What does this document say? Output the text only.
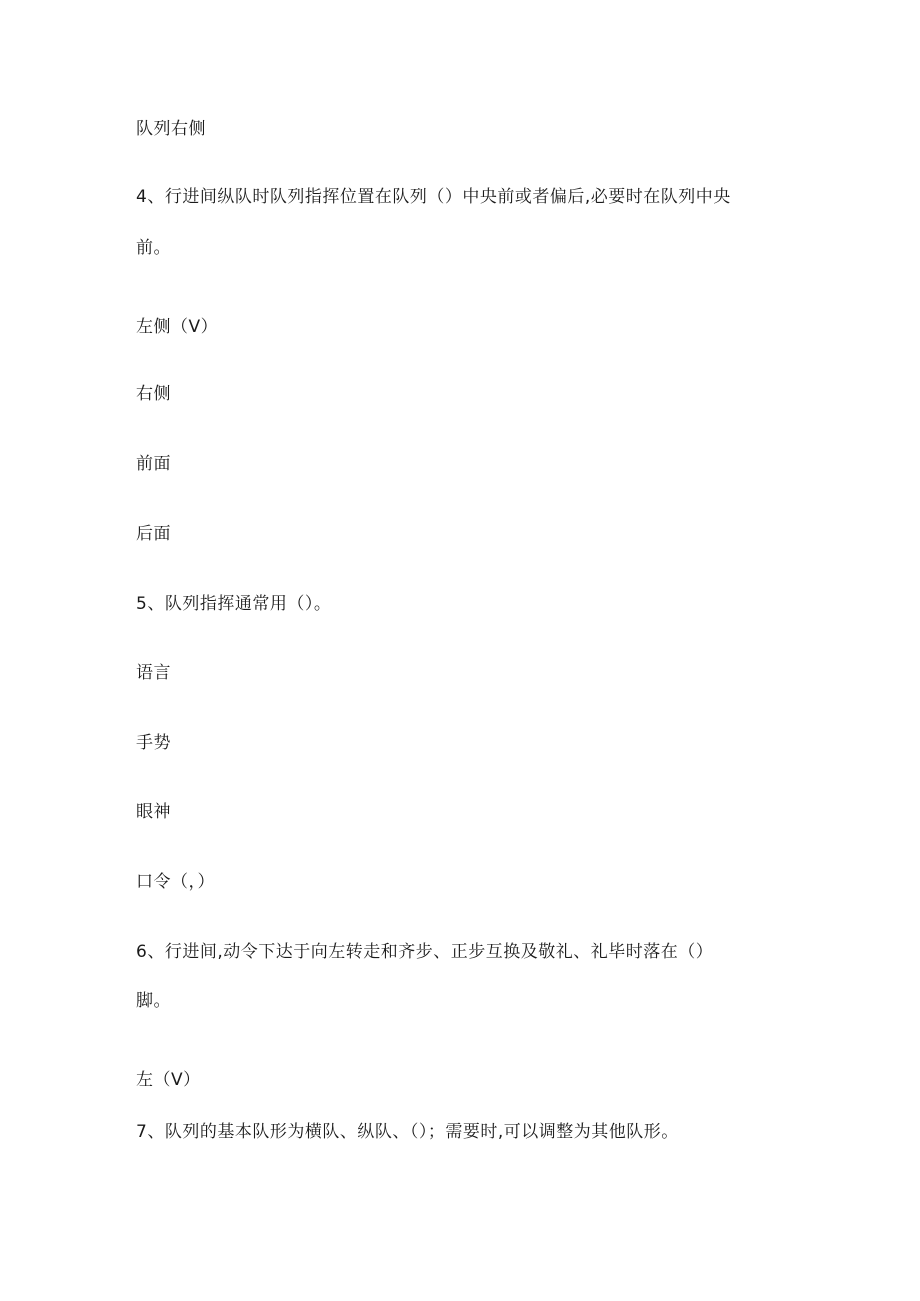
队列右侧
4、行进间纵队时队列指挥位置在队列（）中央前或者偏后,必要时在队列中央
前。
左侧（V）
右侧
前面
后面
5、队列指挥通常用（）。
语言
手势
眼神
口令（，）
6、行进间,动令下达于向左转走和齐步、正步互换及敬礼、礼毕时落在（）
脚。
左（V）
7、队列的基本队形为横队、纵队、（）；需要时,可以调整为其他队形。
